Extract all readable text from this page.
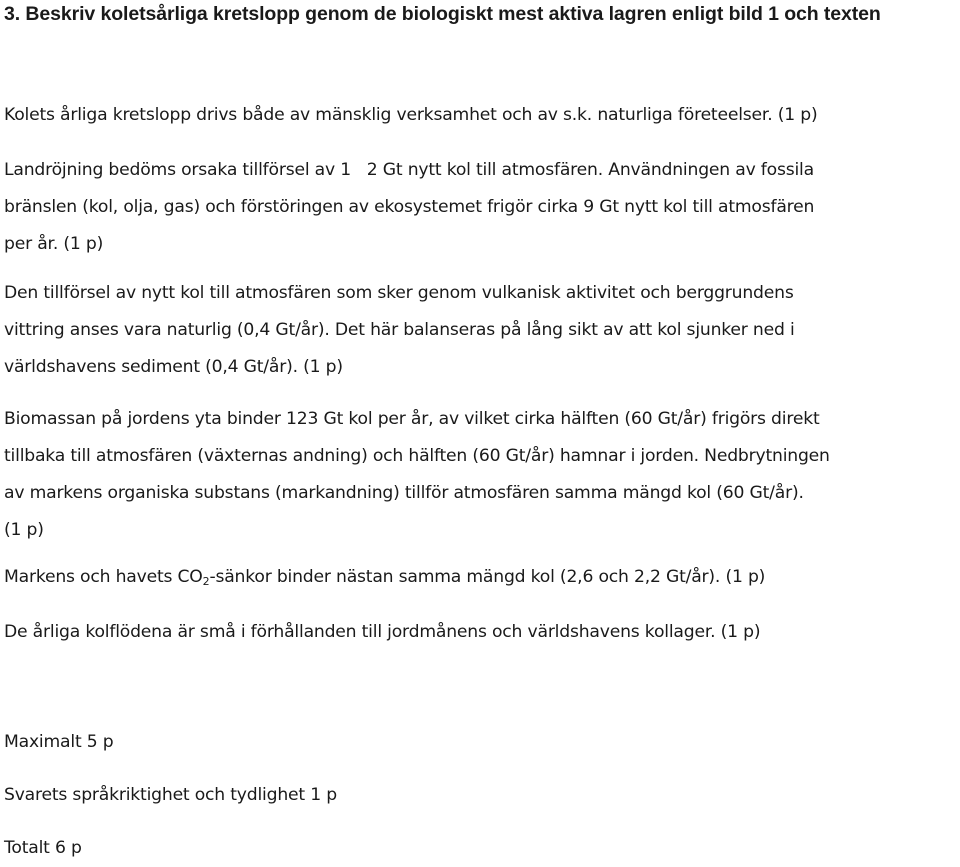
3. Beskriv koletsårliga kretslopp genom de biologiskt mest aktiva lagren enligt bild 1 och texten

Kolets årliga kretslopp drivs både av mänsklig verksamhet och av s.k. naturliga företeelser. (1 p)

Landröjning bedöms orsaka tillförsel av 1   2 Gt nytt kol till atmosfären. Användningen av fossila
bränslen (kol, olja, gas) och förstöringen av ekosystemet frigör cirka 9 Gt nytt kol till atmosfären
per år. (1 p)

Den tillförsel av nytt kol till atmosfären som sker genom vulkanisk aktivitet och berggrundens
vittring anses vara naturlig (0,4 Gt/år). Det här balanseras på lång sikt av att kol sjunker ned i
världshavens sediment (0,4 Gt/år). (1 p)

Biomassan på jordens yta binder 123 Gt kol per år, av vilket cirka hälften (60 Gt/år) frigörs direkt
tillbaka till atmosfären (växternas andning) och hälften (60 Gt/år) hamnar i jorden. Nedbrytningen
av markens organiska substans (markandning) tillför atmosfären samma mängd kol (60 Gt/år).
(1 p)

Markens och havets $CO_2$-sänkor binder nästan samma mängd kol (2,6 och 2,2 Gt/år). (1 p)

De årliga kolflödena är små i förhållanden till jordmånens och världshavens kollager. (1 p)

Maximalt 5 p

Svarets språkriktighet och tydlighet 1 p

Totalt 6 p
